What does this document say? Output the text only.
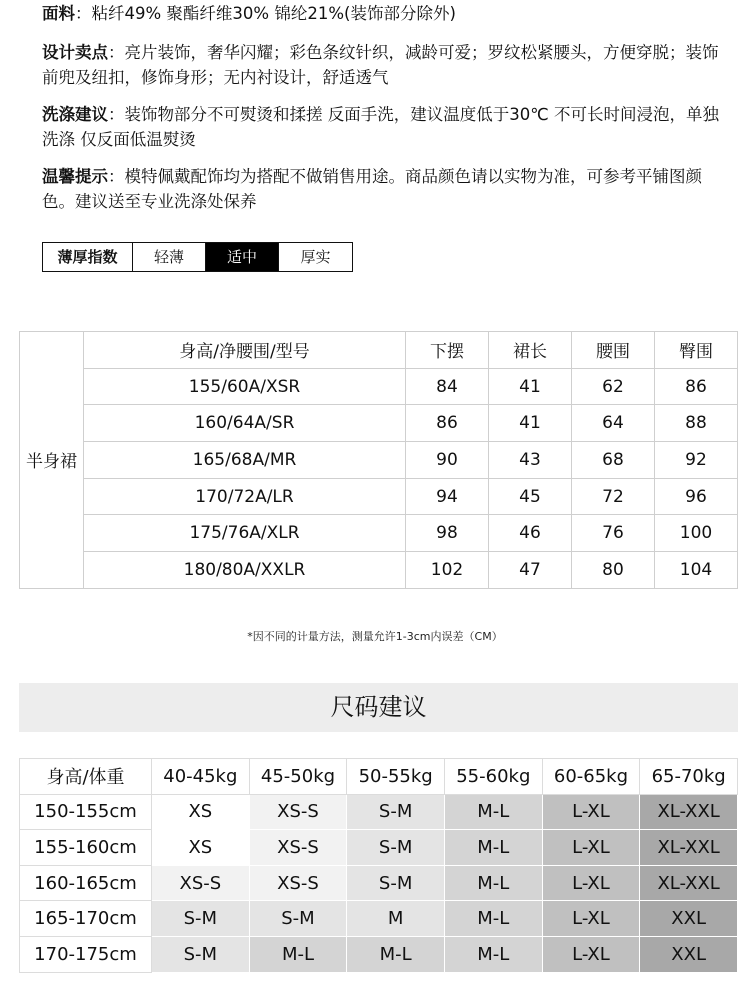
面料：粘纤49% 聚酯纤维30% 锦纶21%(装饰部分除外)
设计卖点：亮片装饰，奢华闪耀；彩色条纹针织，减龄可爱；罗纹松紧腰头，方便穿脱；装饰前兜及纽扣，修饰身形；无内衬设计，舒适透气
洗涤建议：装饰物部分不可熨烫和揉搓 反面手洗，建议温度低于30℃ 不可长时间浸泡，单独洗涤 仅反面低温熨烫
温馨提示：模特佩戴配饰均为搭配不做销售用途。商品颜色请以实物为准，可参考平铺图颜色。建议送至专业洗涤处保养
薄厚指数	轻薄	适中	厚实
半身裙	身高/净腰围/型号	下摆	裙长	腰围	臀围
	155/60A/XSR	84	41	62	86
	160/64A/SR	86	41	64	88
	165/68A/MR	90	43	68	92
	170/72A/LR	94	45	72	96
	175/76A/XLR	98	46	76	100
	180/80A/XXLR	102	47	80	104
*因不同的计量方法，测量允许1-3cm内误差（CM）
尺码建议
身高/体重	40-45kg	45-50kg	50-55kg	55-60kg	60-65kg	65-70kg
150-155cm	XS	XS-S	S-M	M-L	L-XL	XL-XXL
155-160cm	XS	XS-S	S-M	M-L	L-XL	XL-XXL
160-165cm	XS-S	XS-S	S-M	M-L	L-XL	XL-XXL
165-170cm	S-M	S-M	M	M-L	L-XL	XXL
170-175cm	S-M	M-L	M-L	M-L	L-XL	XXL
